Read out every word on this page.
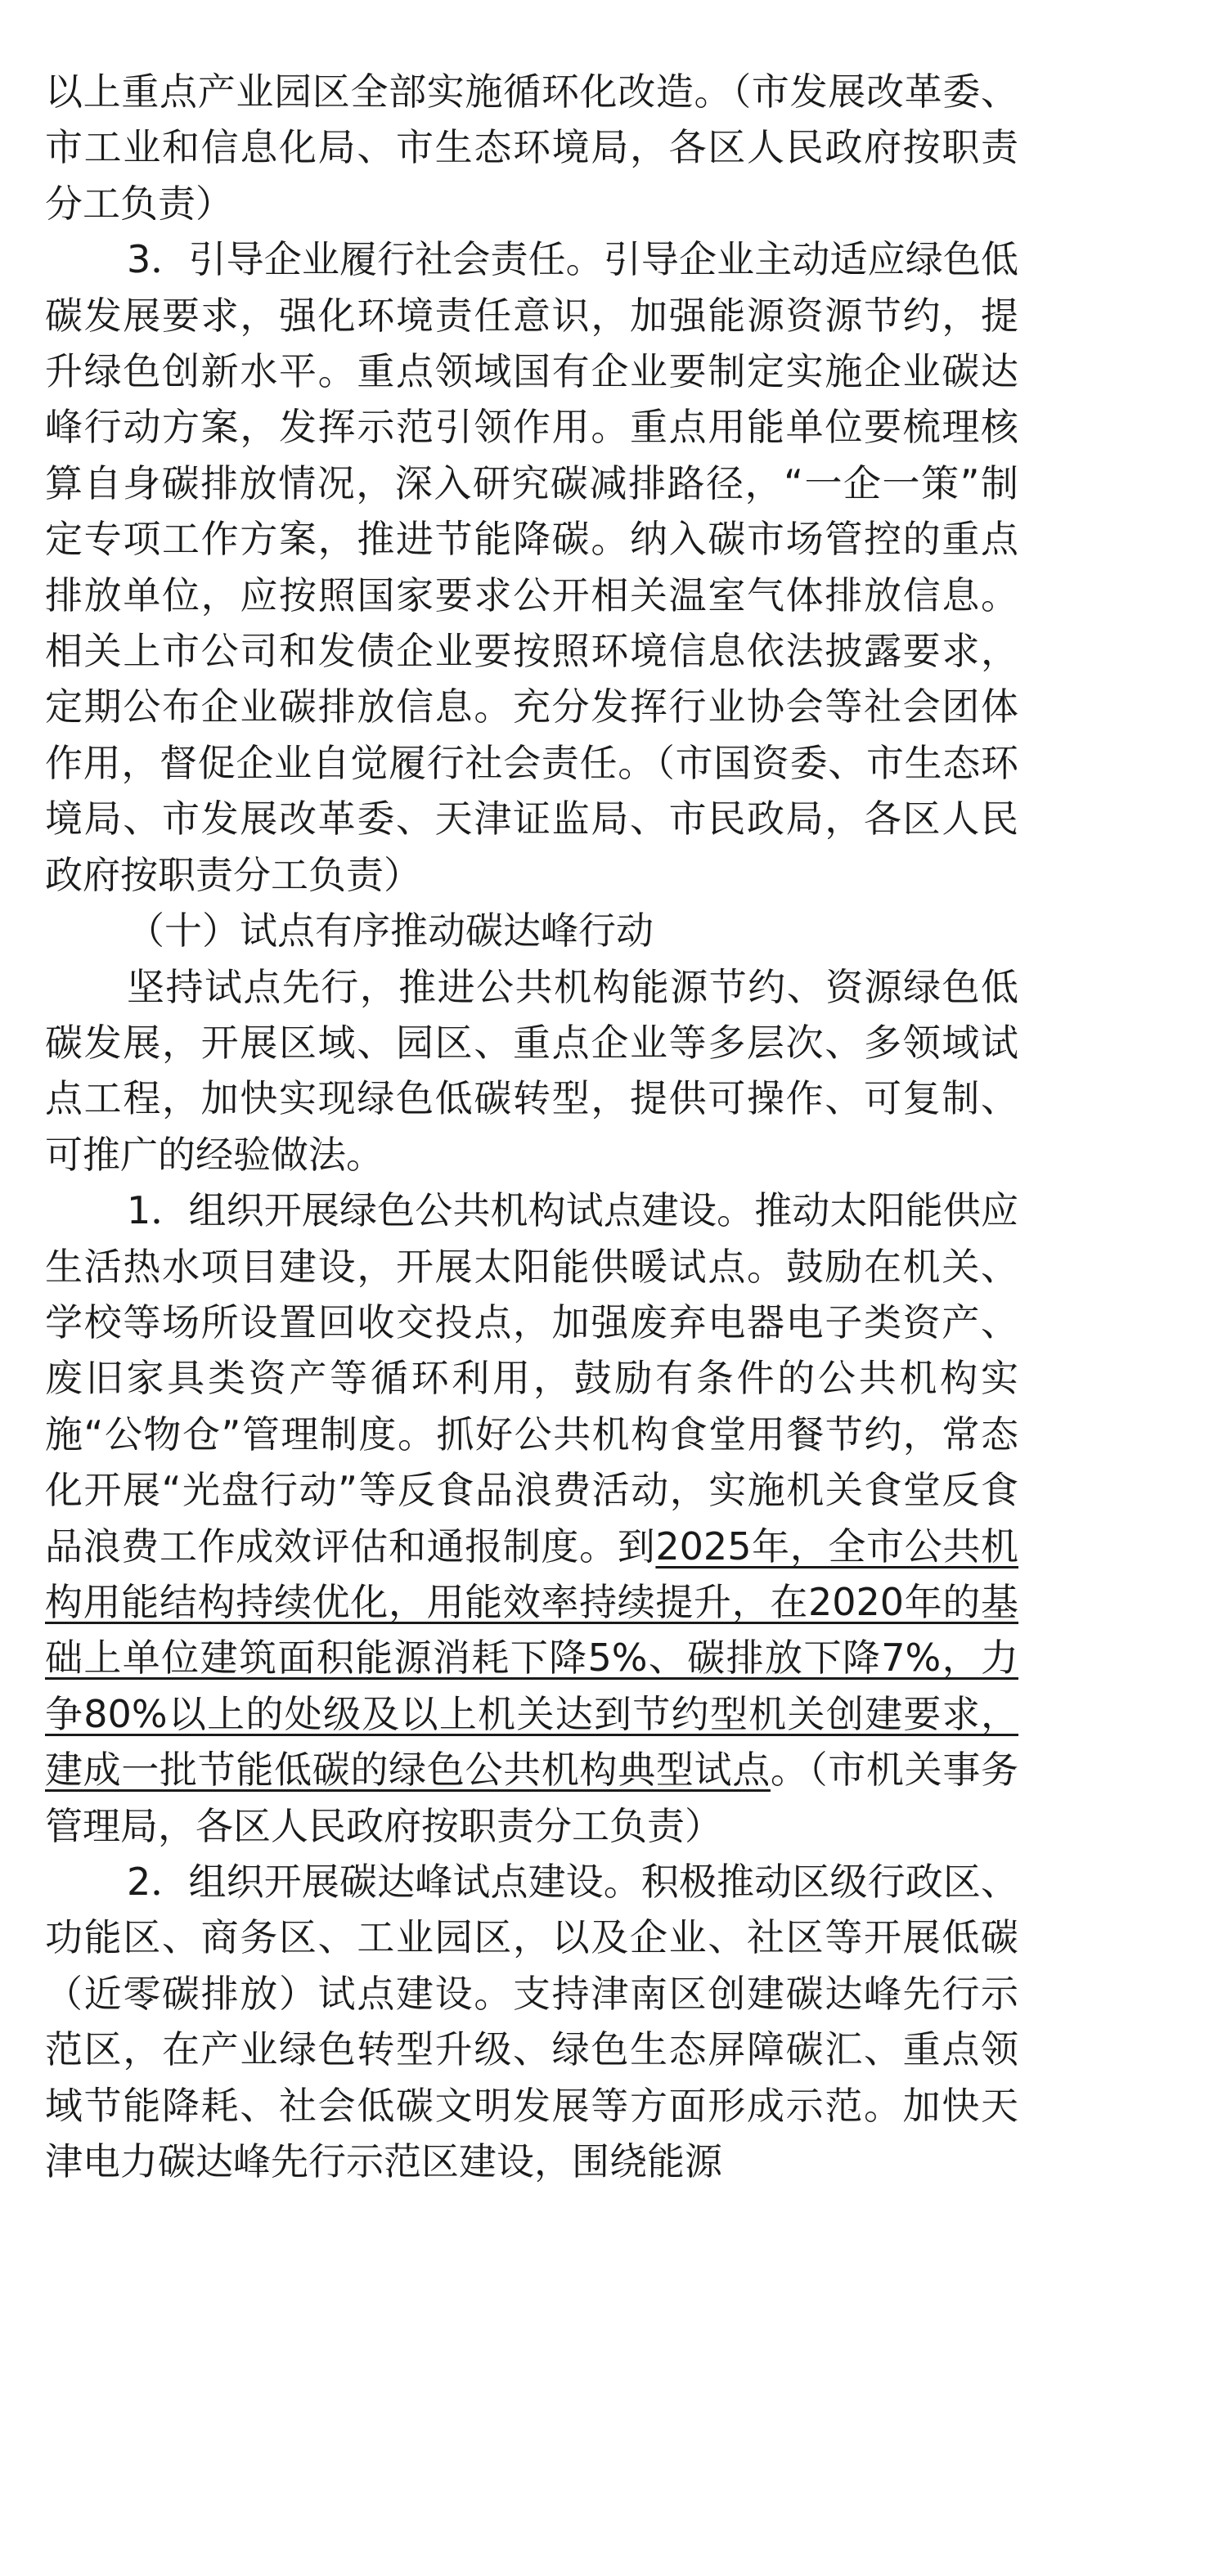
以上重点产业园区全部实施循环化改造。（市发展改革委、市工业和信息化局、市生态环境局，各区人民政府按职责分工负责）

3．引导企业履行社会责任。引导企业主动适应绿色低碳发展要求，强化环境责任意识，加强能源资源节约，提升绿色创新水平。重点领域国有企业要制定实施企业碳达峰行动方案，发挥示范引领作用。重点用能单位要梳理核算自身碳排放情况，深入研究碳减排路径，“一企一策”制定专项工作方案，推进节能降碳。纳入碳市场管控的重点排放单位，应按照国家要求公开相关温室气体排放信息。相关上市公司和发债企业要按照环境信息依法披露要求，定期公布企业碳排放信息。充分发挥行业协会等社会团体作用，督促企业自觉履行社会责任。（市国资委、市生态环境局、市发展改革委、天津证监局、市民政局，各区人民政府按职责分工负责）

（十）试点有序推动碳达峰行动

坚持试点先行，推进公共机构能源节约、资源绿色低碳发展，开展区域、园区、重点企业等多层次、多领域试点工程，加快实现绿色低碳转型，提供可操作、可复制、可推广的经验做法。

1．组织开展绿色公共机构试点建设。推动太阳能供应生活热水项目建设，开展太阳能供暖试点。鼓励在机关、学校等场所设置回收交投点，加强废弃电器电子类资产、废旧家具类资产等循环利用，鼓励有条件的公共机构实施“公物仓”管理制度。抓好公共机构食堂用餐节约，常态化开展“光盘行动”等反食品浪费活动，实施机关食堂反食品浪费工作成效评估和通报制度。到2025年，全市公共机构用能结构持续优化，用能效率持续提升，在2020年的基础上单位建筑面积能源消耗下降5%、碳排放下降7%，力争80%以上的处级及以上机关达到节约型机关创建要求，建成一批节能低碳的绿色公共机构典型试点。（市机关事务管理局，各区人民政府按职责分工负责）

2．组织开展碳达峰试点建设。积极推动区级行政区、功能区、商务区、工业园区，以及企业、社区等开展低碳（近零碳排放）试点建设。支持津南区创建碳达峰先行示范区，在产业绿色转型升级、绿色生态屏障碳汇、重点领域节能降耗、社会低碳文明发展等方面形成示范。加快天津电力碳达峰先行示范区建设，围绕能源
